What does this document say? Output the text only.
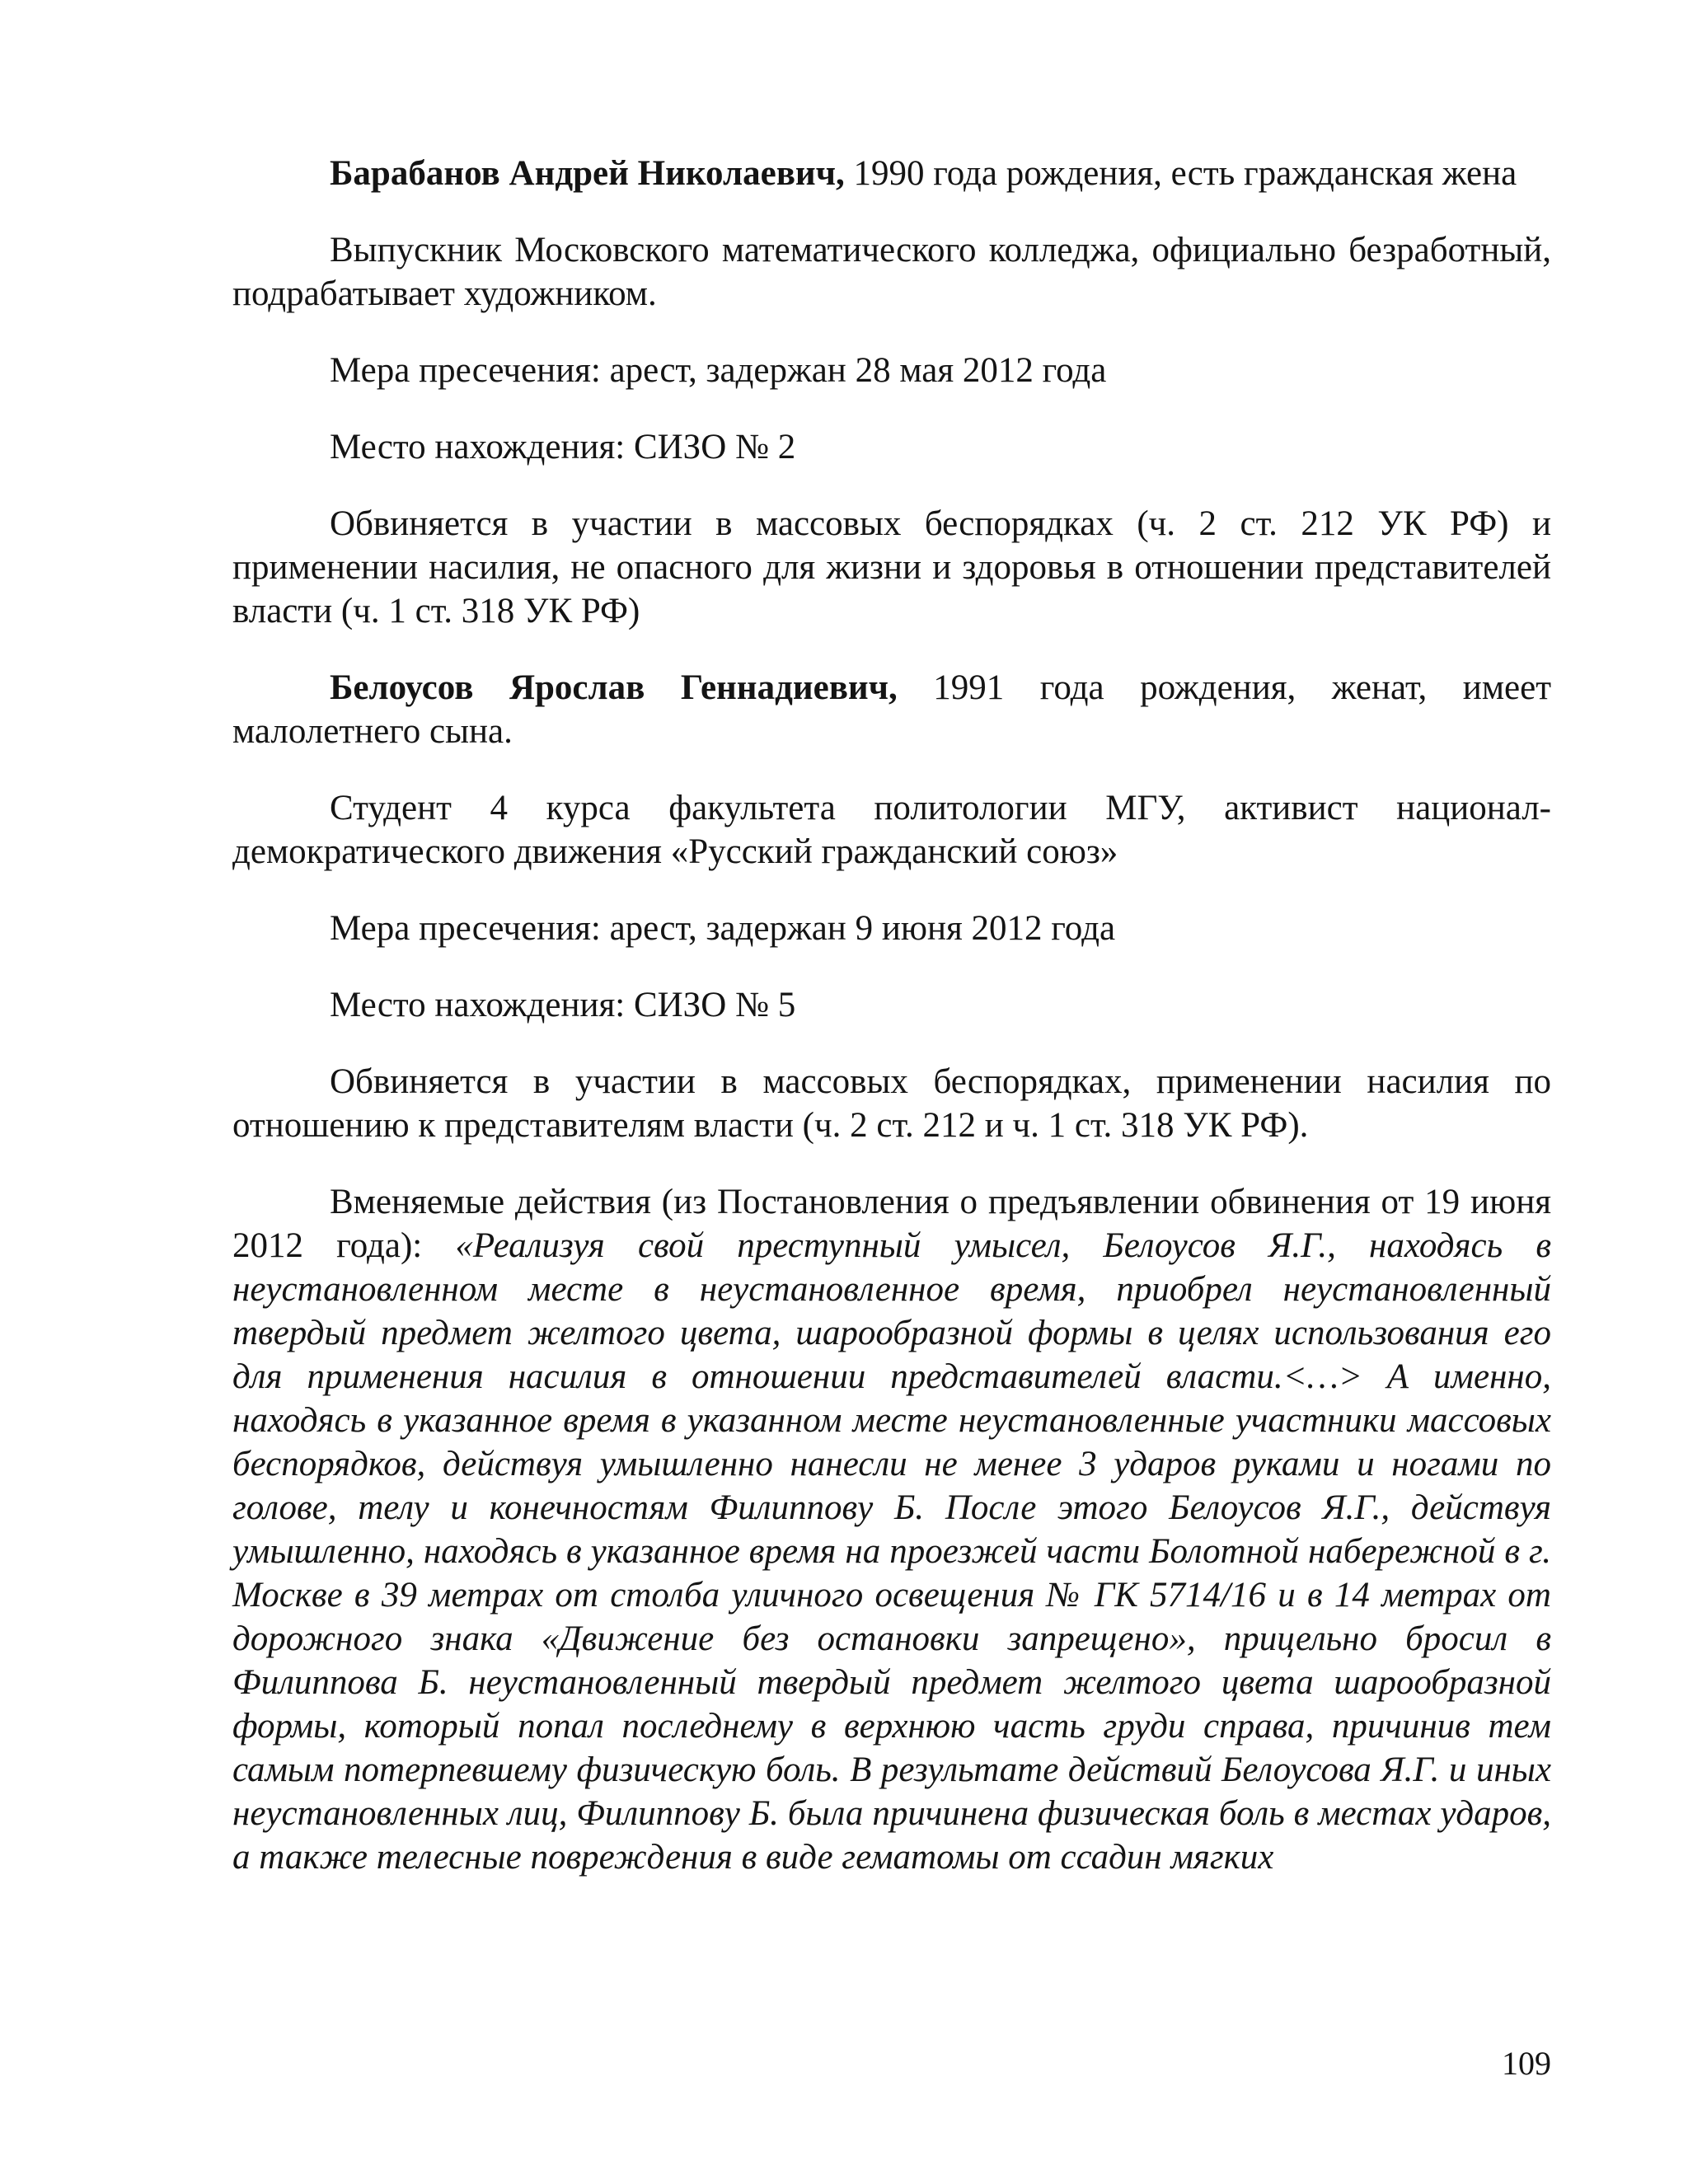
Барабанов Андрей Николаевич, 1990 года рождения, есть гражданская жена

Выпускник Московского математического колледжа, официально безработный, подрабатывает художником.

Мера пресечения: арест, задержан 28 мая 2012 года

Место нахождения: СИЗО № 2

Обвиняется в участии в массовых беспорядках (ч. 2 ст. 212 УК РФ) и применении насилия, не опасного для жизни и здоровья в отношении представителей власти (ч. 1 ст. 318 УК РФ)

Белоусов Ярослав Геннадиевич, 1991 года рождения, женат, имеет малолетнего сына.

Студент 4 курса факультета политологии МГУ, активист национал-демократического движения «Русский гражданский союз»

Мера пресечения: арест, задержан 9 июня 2012 года

Место нахождения: СИЗО № 5

Обвиняется в участии в массовых беспорядках, применении насилия по отношению к представителям власти (ч. 2 ст. 212 и ч. 1 ст. 318 УК РФ).

Вменяемые действия (из Постановления о предъявлении обвинения от 19 июня 2012 года): «Реализуя свой преступный умысел, Белоусов Я.Г., находясь в неустановленном месте в неустановленное время, приобрел неустановленный твердый предмет желтого цвета, шарообразной формы в целях использования его для применения насилия в отношении представителей власти.<…> А именно, находясь в указанное время в указанном месте неустановленные участники массовых беспорядков, действуя умышленно нанесли не менее 3 ударов руками и ногами по голове, телу и конечностям Филиппову Б. После этого Белоусов Я.Г., действуя умышленно, находясь в указанное время на проезжей части Болотной набережной в г. Москве в 39 метрах от столба уличного освещения № ГК 5714/16 и в 14 метрах от дорожного знака «Движение без остановки запрещено», прицельно бросил в Филиппова Б. неустановленный твердый предмет желтого цвета шарообразной формы, который попал последнему в верхнюю часть груди справа, причинив тем самым потерпевшему физическую боль. В результате действий Белоусова Я.Г. и иных неустановленных лиц, Филиппову Б. была причинена физическая боль в местах ударов, а также телесные повреждения в виде гематомы от ссадин мягких

109
